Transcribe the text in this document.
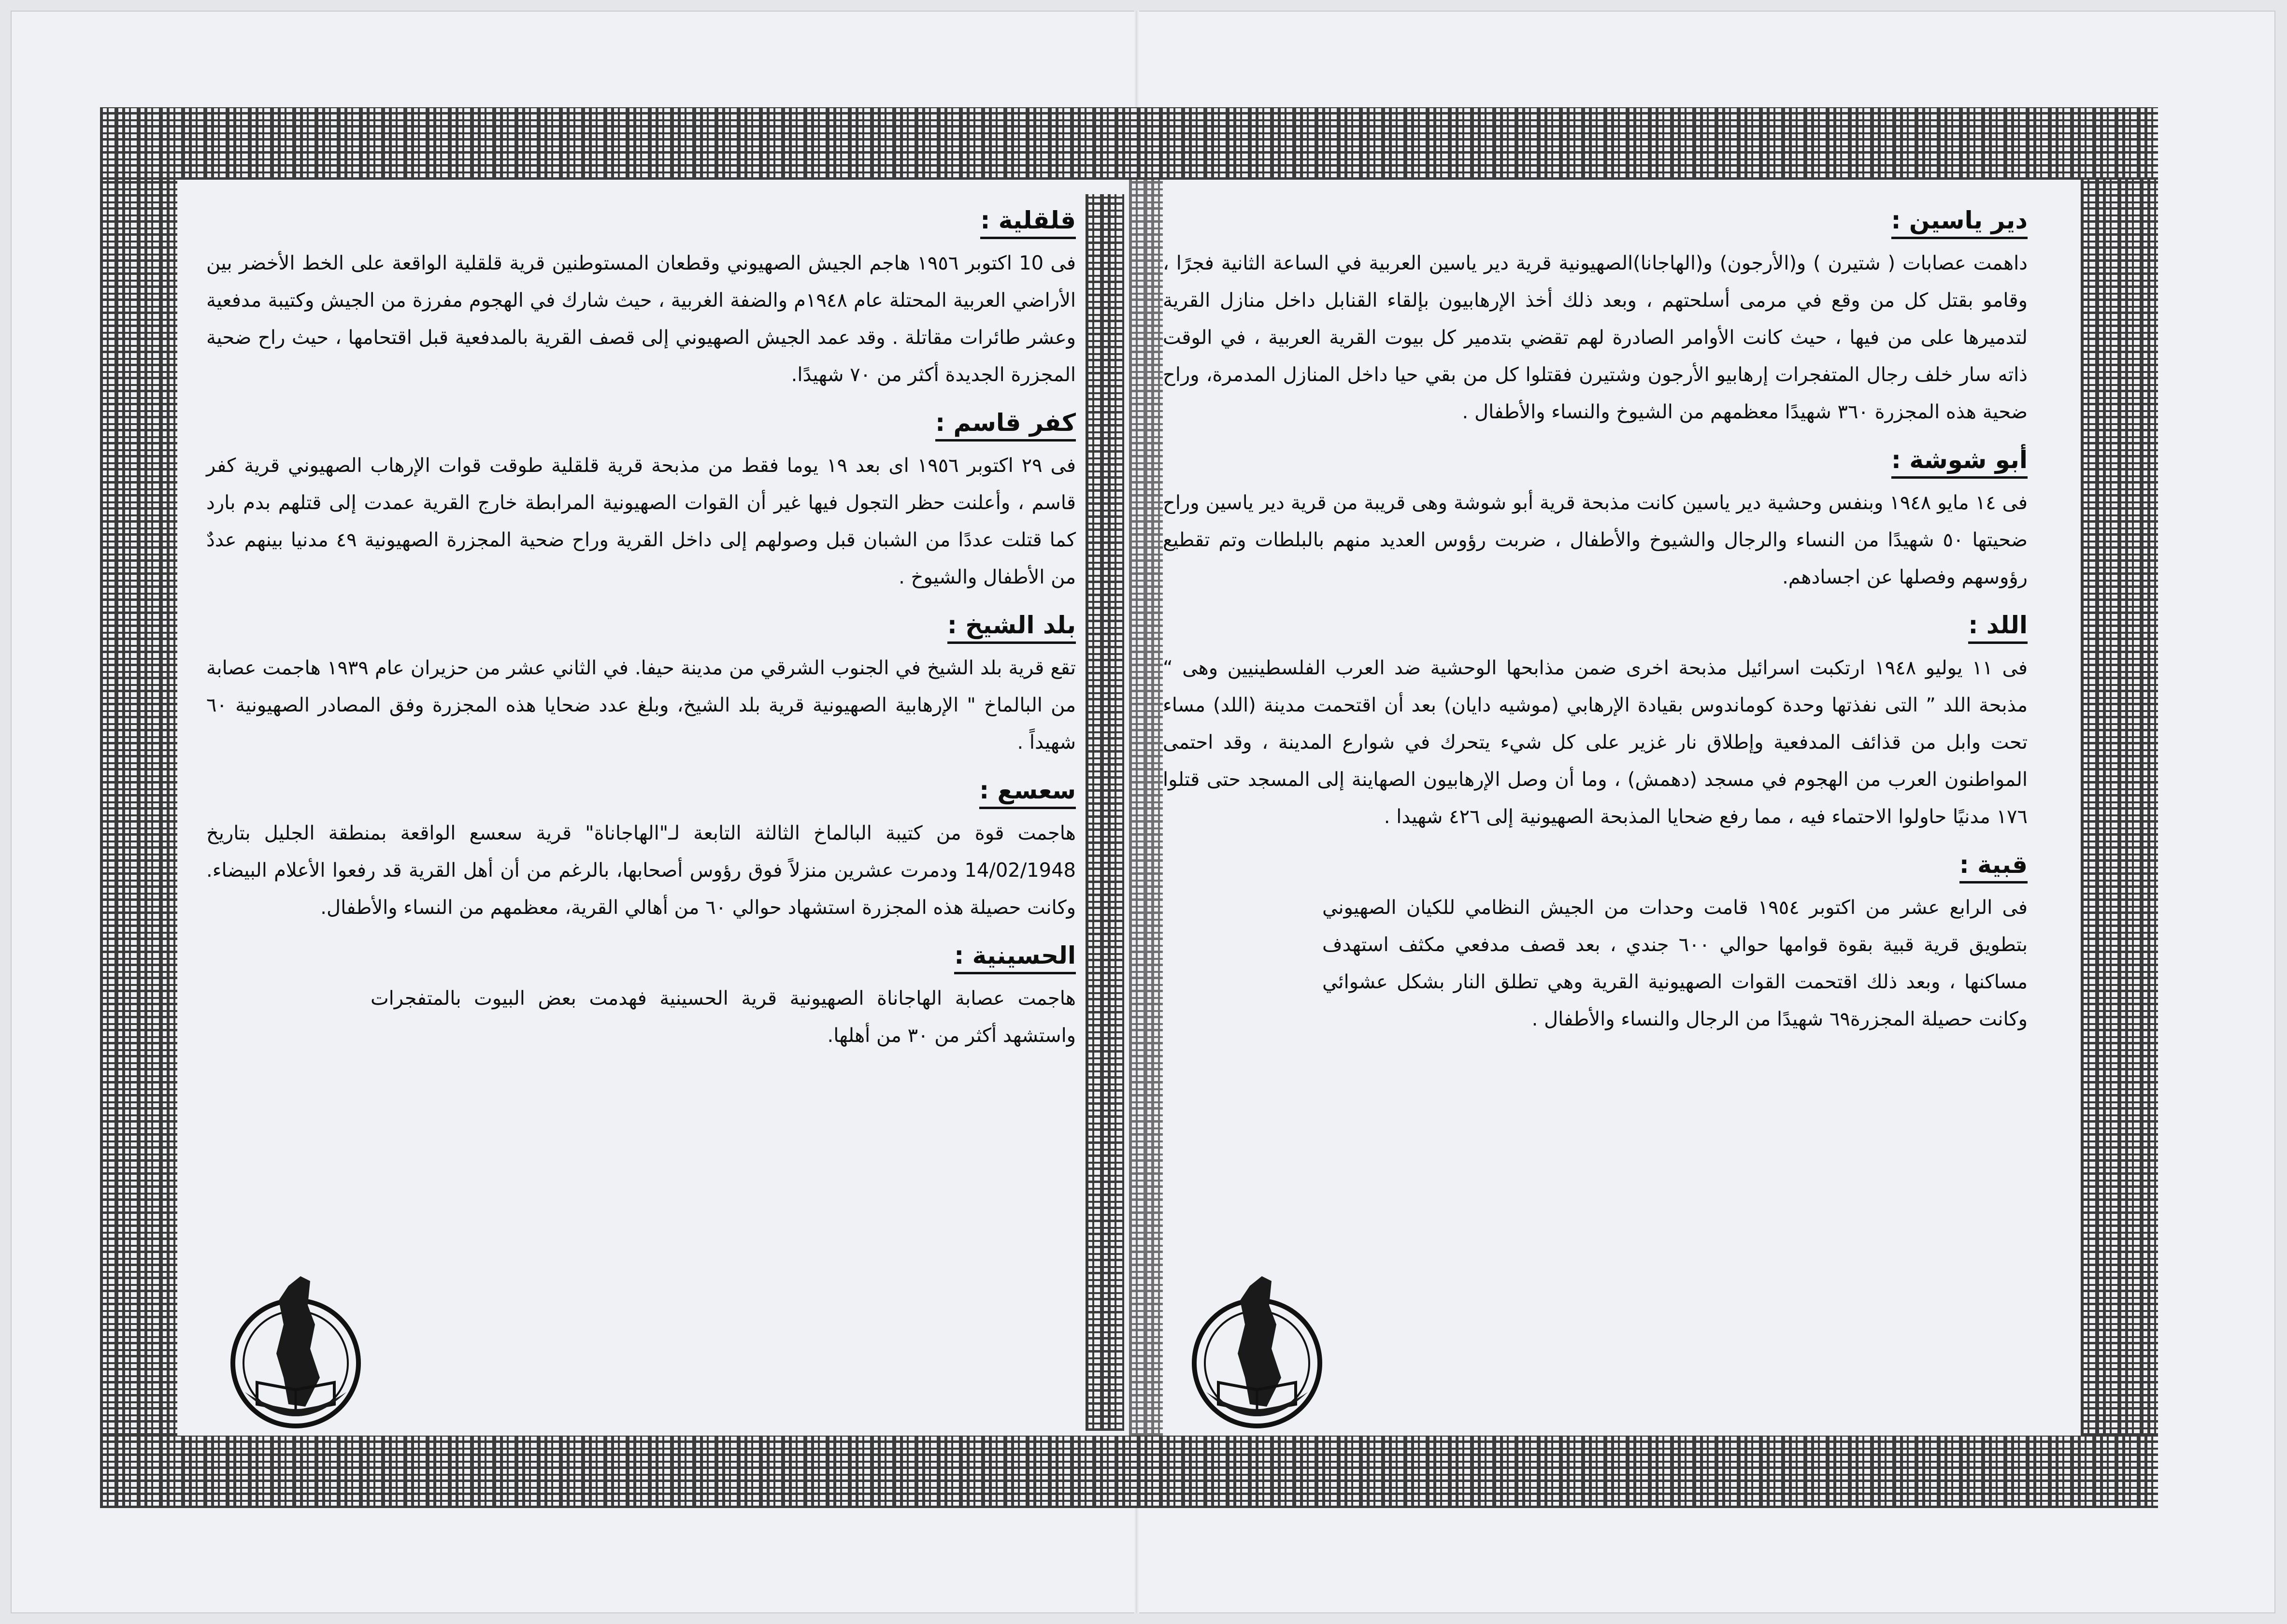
دير ياسين :

داهمت عصابات ( شتيرن ) و(الأرجون) و(الهاجانا)الصهيونية قرية دير ياسين العربية في الساعة الثانية فجرًا ، وقامو بقتل كل من وقع في مرمى أسلحتهم ، وبعد ذلك أخذ الإرهابيون بإلقاء القنابل داخل منازل القرية لتدميرها على من فيها ، حيث كانت الأوامر الصادرة لهم تقضي بتدمير كل بيوت القرية العربية ، في الوقت ذاته سار خلف رجال المتفجرات إرهابيو الأرجون وشتيرن فقتلوا كل من بقي حيا داخل المنازل المدمرة، وراح ضحية هذه المجزرة ٣٦٠ شهيدًا معظمهم من الشيوخ والنساء والأطفال .

أبو شوشة :

فى ١٤ مايو ١٩٤٨ وبنفس وحشية دير ياسين كانت مذبحة قرية أبو شوشة وهى قريبة من قرية دير ياسين وراح ضحيتها ٥٠ شهيدًا من النساء والرجال والشيوخ والأطفال ، ضربت رؤوس العديد منهم بالبلطات وتم تقطيع رؤوسهم وفصلها عن اجسادهم.

اللد :

فى ١١ يوليو ١٩٤٨ ارتكبت اسرائيل مذبحة اخرى ضمن مذابحها الوحشية ضد العرب الفلسطينيين وهى “ مذبحة اللد ” التى نفذتها وحدة كوماندوس بقيادة الإرهابي (موشيه دايان) بعد أن اقتحمت مدينة (اللد) مساء تحت وابل من قذائف المدفعية وإطلاق نار غزير على كل شيء يتحرك في شوارع المدينة ، وقد احتمى المواطنون العرب من الهجوم في مسجد (دهمش) ، وما أن وصل الإرهابيون الصهاينة إلى المسجد حتى قتلوا ١٧٦ مدنيًا حاولوا الاحتماء فيه ، مما رفع ضحايا المذبحة الصهيونية إلى ٤٢٦ شهيدا .

قبية :

فى الرابع عشر من اكتوبر ١٩٥٤ قامت وحدات من الجيش النظامي للكيان الصهيوني بتطويق قرية قبية بقوة قوامها حوالي ٦٠٠ جندي ، بعد قصف مدفعي مكثف استهدف مساكنها ، وبعد ذلك اقتحمت القوات الصهيونية القرية وهي تطلق النار بشكل عشوائي وكانت حصيلة المجزرة٦٩ شهيدًا من الرجال والنساء والأطفال .

قلقلية :

فى 10 اكتوبر ١٩٥٦ هاجم الجيش الصهيوني وقطعان المستوطنين قرية قلقلية الواقعة على الخط الأخضر بين الأراضي العربية المحتلة عام ١٩٤٨م والضفة الغربية ، حيث شارك في الهجوم مفرزة من الجيش وكتيبة مدفعية وعشر طائرات مقاتلة . وقد عمد الجيش الصهيوني إلى قصف القرية بالمدفعية قبل اقتحامها ، حيث راح ضحية المجزرة الجديدة أكثر من ٧٠ شهيدًا.

كفر قاسم :

فى ٢٩ اكتوبر ١٩٥٦ اى بعد ١٩ يوما فقط من مذبحة قرية قلقلية طوقت قوات الإرهاب الصهيوني قرية كفر قاسم ، وأعلنت حظر التجول فيها غير أن القوات الصهيونية المرابطة خارج القرية عمدت إلى قتلهم بدم بارد كما قتلت عددًا من الشبان قبل وصولهم إلى داخل القرية وراح ضحية المجزرة الصهيونية ٤٩ مدنيا بينهم عددٌ من الأطفال والشيوخ .

بلد الشيخ :

تقع قرية بلد الشيخ في الجنوب الشرقي من مدينة حيفا. في الثاني عشر من حزيران عام ١٩٣٩ هاجمت عصابة من البالماخ " الإرهابية الصهيونية قرية بلد الشيخ، وبلغ عدد ضحايا هذه المجزرة وفق المصادر الصهيونية ٦٠ شهيداً .

سعسع :

هاجمت قوة من كتيبة البالماخ الثالثة التابعة لـ"الهاجاناة" قرية سعسع الواقعة بمنطقة الجليل بتاريخ 14/02/1948 ودمرت عشرين منزلاً فوق رؤوس أصحابها، بالرغم من أن أهل القرية قد رفعوا الأعلام البيضاء. وكانت حصيلة هذه المجزرة استشهاد حوالي ٦٠ من أهالي القرية، معظمهم من النساء والأطفال.

الحسينية :

هاجمت عصابة الهاجاناة الصهيونية قرية الحسينية فهدمت بعض البيوت بالمتفجرات واستشهد أكثر من ٣٠ من أهلها.
